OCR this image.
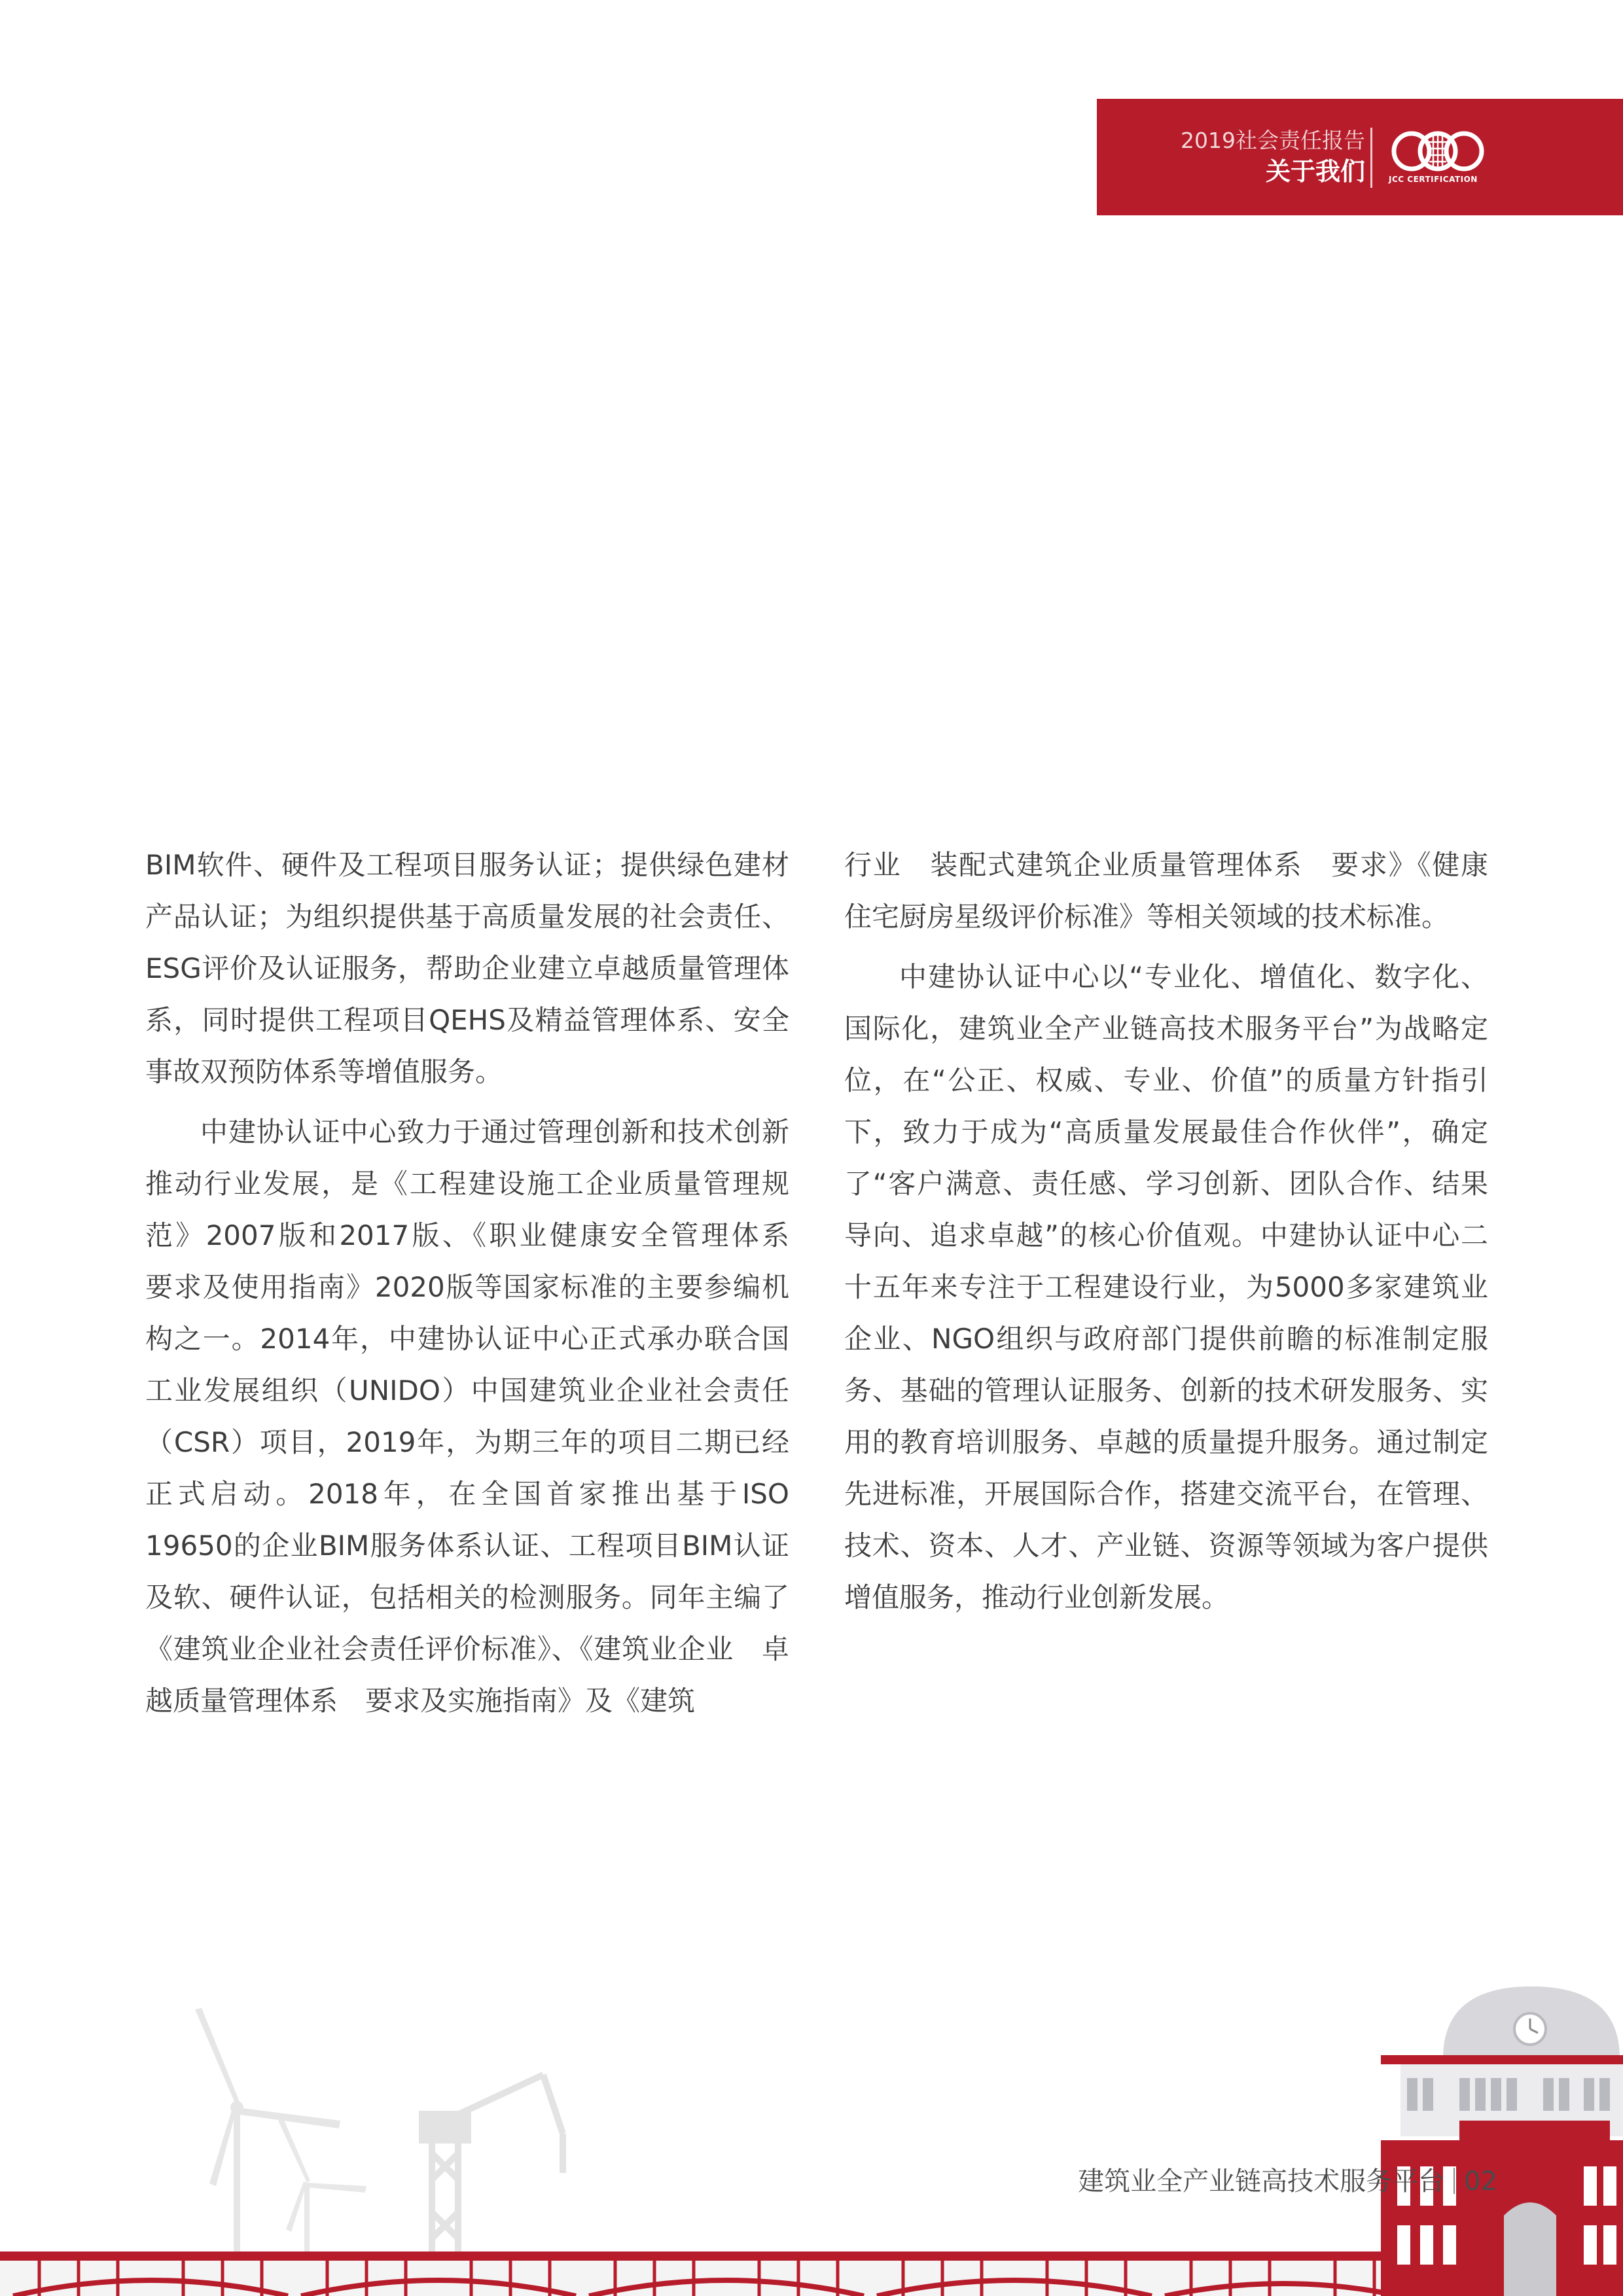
2019社会责任报告
关于我们	JCC CERTIFICATION

BIM软件、硬件及工程项目服务认证；提供绿色建材产品认证；为组织提供基于高质量发展的社会责任、ESG评价及认证服务，帮助企业建立卓越质量管理体系，同时提供工程项目QEHS及精益管理体系、安全事故双预防体系等增值服务。

中建协认证中心致力于通过管理创新和技术创新推动行业发展，是《工程建设施工企业质量管理规范》2007版和2017版、《职业健康安全管理体系　要求及使用指南》2020版等国家标准的主要参编机构之一。2014年，中建协认证中心正式承办联合国工业发展组织（UNIDO）中国建筑业企业社会责任（CSR）项目，2019年，为期三年的项目二期已经正式启动。2018年，在全国首家推出基于ISO 19650的企业BIM服务体系认证、工程项目BIM认证及软、硬件认证，包括相关的检测服务。同年主编了《建筑业企业社会责任评价标准》、《建筑业企业　卓越质量管理体系　要求及实施指南》及《建筑

行业　装配式建筑企业质量管理体系　要求》《健康住宅厨房星级评价标准》等相关领域的技术标准。

中建协认证中心以“专业化、增值化、数字化、国际化，建筑业全产业链高技术服务平台”为战略定位，在“公正、权威、专业、价值”的质量方针指引下，致力于成为“高质量发展最佳合作伙伴”，确定了“客户满意、责任感、学习创新、团队合作、结果导向、追求卓越”的核心价值观。中建协认证中心二十五年来专注于工程建设行业，为5000多家建筑业企业、NGO组织与政府部门提供前瞻的标准制定服务、基础的管理认证服务、创新的技术研发服务、实用的教育培训服务、卓越的质量提升服务。通过制定先进标准，开展国际合作，搭建交流平台，在管理、技术、资本、人才、产业链、资源等领域为客户提供增值服务，推动行业创新发展。

建筑业全产业链高技术服务平台 02
